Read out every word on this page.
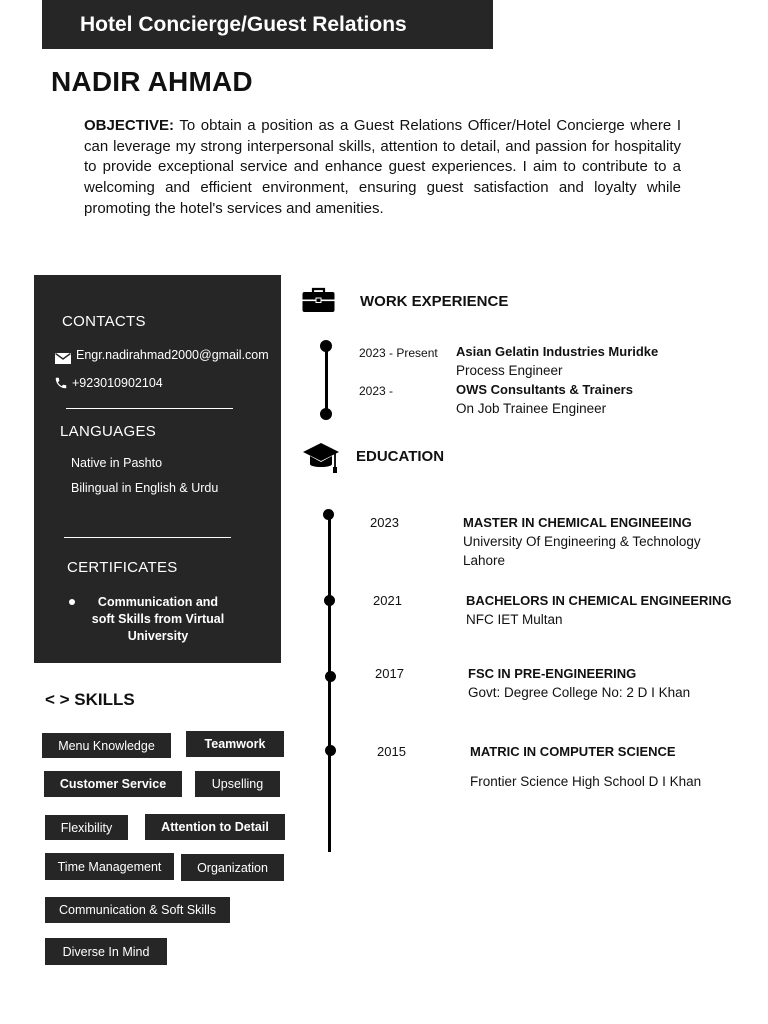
Hotel Concierge/Guest Relations
NADIR AHMAD
OBJECTIVE: To obtain a position as a Guest Relations Officer/Hotel Concierge where I can leverage my strong interpersonal skills, attention to detail, and passion for hospitality to provide exceptional service and enhance guest experiences. I aim to contribute to a welcoming and efficient environment, ensuring guest satisfaction and loyalty while promoting the hotel's services and amenities.
CONTACTS
Engr.nadirahmad2000@gmail.com
+923010902104
LANGUAGES
Native in Pashto
Bilingual in English & Urdu
CERTIFICATES
Communication and soft Skills from Virtual University
< > SKILLS
Menu Knowledge	Teamwork
Customer Service	Upselling
Flexibility	Attention to Detail
Time Management	Organization
Communication & Soft Skills
Diverse In Mind
WORK EXPERIENCE
2023 - Present Asian Gelatin Industries Muridke
Process Engineer
2023 -	OWS Consultants & Trainers
On Job Trainee Engineer
EDUCATION
2023	MASTER IN CHEMICAL ENGINEEING
University Of Engineering & Technology Lahore
2021	BACHELORS IN CHEMICAL ENGINEERING
NFC IET Multan
2017	FSC IN PRE-ENGINEERING
Govt: Degree College No: 2 D I Khan
2015	MATRIC IN COMPUTER SCIENCE
Frontier Science High School D I Khan
